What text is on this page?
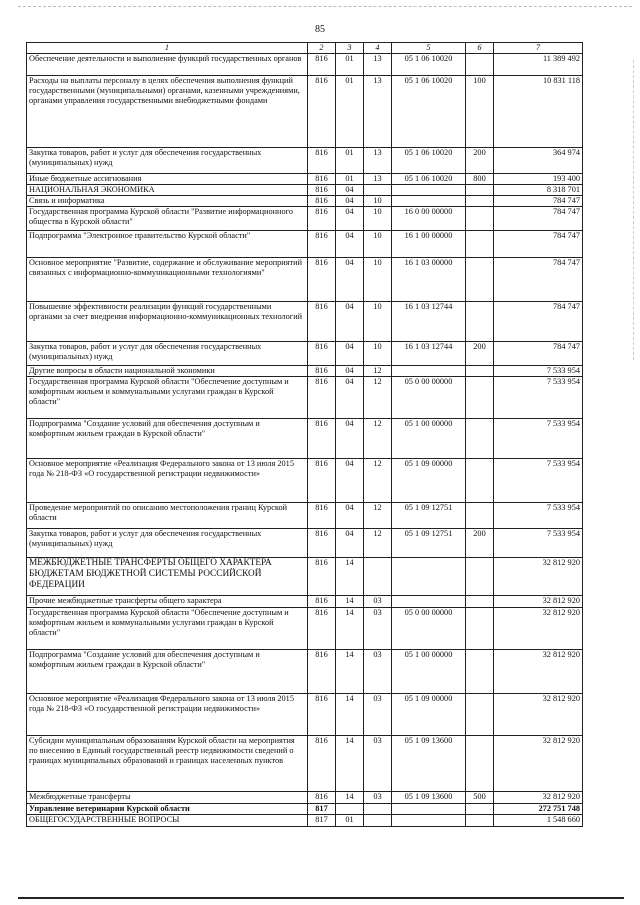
85
1	2	3	4	5	6	7
Обеспечение деятельности и выполнение функций государственных органов	816	01	13	05 1 06 10020		11 389 492
Расходы на выплаты персоналу в целях обеспечения выполнения функций государственными (муниципальными) органами, казенными учреждениями, органами управления государственными внебюджетными фондами	816	01	13	05 1 06 10020	100	10 831 118
Закупка товаров, работ и услуг для обеспечения государственных (муниципальных) нужд	816	01	13	05 1 06 10020	200	364 974
Иные бюджетные ассигнования	816	01	13	05 1 06 10020	800	193 400
НАЦИОНАЛЬНАЯ ЭКОНОМИКА	816	04				8 318 701
Связь и информатика	816	04	10			784 747
Государственная программа Курской области "Развитие информационного общества в Курской области"	816	04	10	16 0 00 00000		784 747
Подпрограмма "Электронное правительство Курской области"	816	04	10	16 1 00 00000		784 747
Основное мероприятие "Развитие, содержание и обслуживание мероприятий связанных с информационно-коммуникационными технологиями"	816	04	10	16 1 03 00000		784 747
Повышение эффективности реализации функций государственными органами за счет внедрения информационно-коммуникационных технологий	816	04	10	16 1 03 12744		784 747
Закупка товаров, работ и услуг для обеспечения государственных (муниципальных) нужд	816	04	10	16 1 03 12744	200	784 747
Другие вопросы в области национальной экономики	816	04	12			7 533 954
Государственная программа Курской области "Обеспечение доступным и комфортным жильем и коммунальными услугами граждан в Курской области"	816	04	12	05 0 00 00000		7 533 954
Подпрограмма "Создание условий для обеспечения доступным и комфортным жильем граждан в Курской области"	816	04	12	05 1 00 00000		7 533 954
Основное мероприятие «Реализация Федерального закона от 13 июля 2015 года № 218-ФЗ «О государственной регистрации недвижимости»	816	04	12	05 1 09 00000		7 533 954
Проведение мероприятий по описанию местоположения границ Курской области	816	04	12	05 1 09 12751		7 533 954
Закупка товаров, работ и услуг для обеспечения государственных (муниципальных) нужд	816	04	12	05 1 09 12751	200	7 533 954
МЕЖБЮДЖЕТНЫЕ ТРАНСФЕРТЫ ОБЩЕГО ХАРАКТЕРА БЮДЖЕТАМ БЮДЖЕТНОЙ СИСТЕМЫ РОССИЙСКОЙ ФЕДЕРАЦИИ	816	14				32 812 920
Прочие межбюджетные трансферты общего характера	816	14	03			32 812 920
Государственная программа Курской области "Обеспечение доступным и комфортным жильем и коммунальными услугами граждан в Курской области"	816	14	03	05 0 00 00000		32 812 920
Подпрограмма "Создание условий для обеспечения доступным и комфортным жильем граждан в Курской области"	816	14	03	05 1 00 00000		32 812 920
Основное мероприятие «Реализация Федерального закона от 13 июля 2015 года № 218-ФЗ «О государственной регистрации недвижимости»	816	14	03	05 1 09 00000		32 812 920
Субсидии муниципальным образованиям Курской области на мероприятия по внесению в Единый государственный реестр недвижимости сведений о границах муниципальных образований и границах населенных пунктов	816	14	03	05 1 09 13600		32 812 920
Межбюджетные трансферты	816	14	03	05 1 09 13600	500	32 812 920
Управление ветеринарии Курской области	817					272 751 748
ОБЩЕГОСУДАРСТВЕННЫЕ ВОПРОСЫ	817	01				1 548 660
